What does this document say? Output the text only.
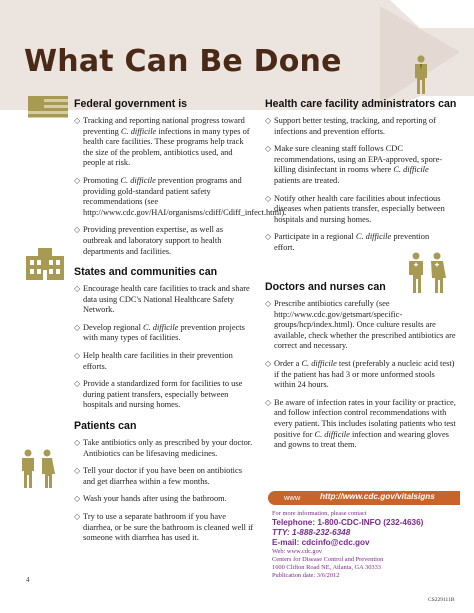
What Can Be Done
Federal government is
◇ Tracking and reporting national progress toward preventing C. difficile infections in many types of health care facilities. These programs help track the size of the problem, antibiotics used, and people at risk.
◇ Promoting C. difficile prevention programs and providing gold-standard patient safety recommendations (see http://www.cdc.gov/HAI/organisms/cdiff/Cdiff_infect.html).
◇ Providing prevention expertise, as well as outbreak and laboratory support to health departments and facilities.
States and communities can
◇ Encourage health care facilities to track and share data using CDC's National Healthcare Safety Network.
◇ Develop regional C. difficile prevention projects with many types of facilities.
◇ Help health care facilities in their prevention efforts.
◇ Provide a standardized form for facilities to use during patient transfers, especially between hospitals and nursing homes.
Patients can
◇ Take antibiotics only as prescribed by your doctor. Antibiotics can be lifesaving medicines.
◇ Tell your doctor if you have been on antibiotics and get diarrhea within a few months.
◇ Wash your hands after using the bathroom.
◇ Try to use a separate bathroom if you have diarrhea, or be sure the bathroom is cleaned well if someone with diarrhea has used it.
Health care facility administrators can
◇ Support better testing, tracking, and reporting of infections and prevention efforts.
◇ Make sure cleaning staff follows CDC recommendations, using an EPA-approved, spore-killing disinfectant in rooms where C. difficile patients are treated.
◇ Notify other health care facilities about infectious diseases when patients transfer, especially between hospitals and nursing homes.
◇ Participate in a regional C. difficile prevention effort.
Doctors and nurses can
◇ Prescribe antibiotics carefully (see http://www.cdc.gov/getsmart/specific-groups/hcp/index.html). Once culture results are available, check whether the prescribed antibiotics are correct and necessary.
◇ Order a C. difficile test (preferably a nucleic acid test) if the patient has had 3 or more unformed stools within 24 hours.
◇ Be aware of infection rates in your facility or practice, and follow infection control recommendations with every patient. This includes isolating patients who test positive for C. difficile infection and wearing gloves and gowns to treat them.
www http://www.cdc.gov/vitalsigns
For more information, please contact
Telephone: 1-800-CDC-INFO (232-4636)
TTY: 1-888-232-6348
E-mail: cdcinfo@cdc.gov
Web: www.cdc.gov
Centers for Disease Control and Prevention
1600 Clifton Road NE, Atlanta, GA 30333
Publication date: 3/6/2012
4
CS229111B
